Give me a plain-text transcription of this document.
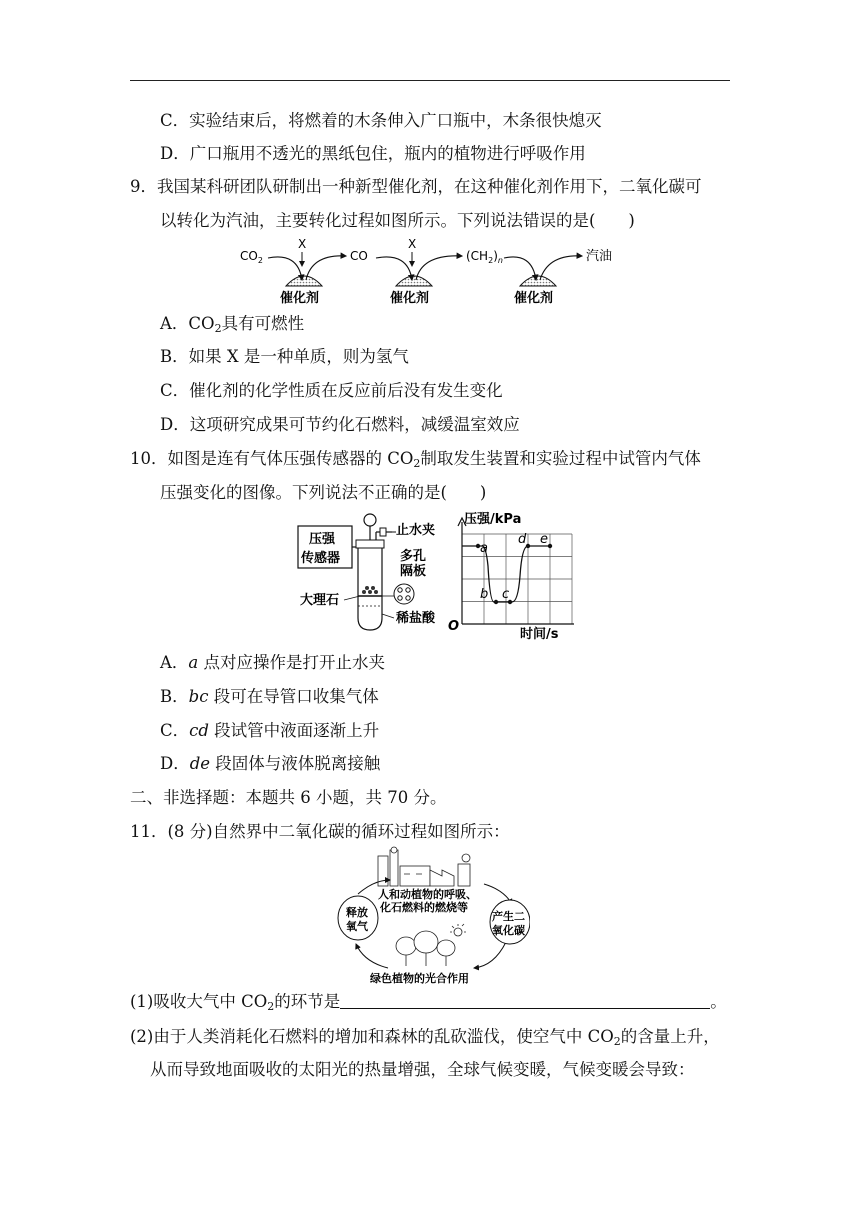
C．实验结束后，将燃着的木条伸入广口瓶中，木条很快熄灭
D．广口瓶用不透光的黑纸包住，瓶内的植物进行呼吸作用
9．我国某科研团队研制出一种新型催化剂，在这种催化剂作用下，二氧化碳可
以转化为汽油，主要转化过程如图所示。下列说法错误的是(　　)
$CO_2$
X
CO
X
$(CH_2)_n$	汽油
催化剂	催化剂	催化剂
A．$CO_2$具有可燃性
B．如果 X 是一种单质，则为氢气
C．催化剂的化学性质在反应前后没有发生变化
D．这项研究成果可节约化石燃料，减缓温室效应
10．如图是连有气体压强传感器的 $CO_2$制取发生装置和实验过程中试管内气体
压强变化的图像。下列说法不正确的是(　　)
压强
传感器
止水夹
多孔
隔板
大理石
稀盐酸
压强/kPa
时间/s
O
a
b c
d e
A．a 点对应操作是打开止水夹
B．bc 段可在导管口收集气体
C．cd 段试管中液面逐渐上升
D．de 段固体与液体脱离接触
二、非选择题：本题共 6 小题，共 70 分。
11．(8 分)自然界中二氧化碳的循环过程如图所示：
释放
氧气
产生二
氧化碳
人和动植物的呼吸、
化石燃料的燃烧等
绿色植物的光合作用
(1)吸收大气中 $CO_2$的环节是	。
(2)由于人类消耗化石燃料的增加和森林的乱砍滥伐，使空气中 $CO_2$的含量上升，
从而导致地面吸收的太阳光的热量增强，全球气候变暖，气候变暖会导致：
